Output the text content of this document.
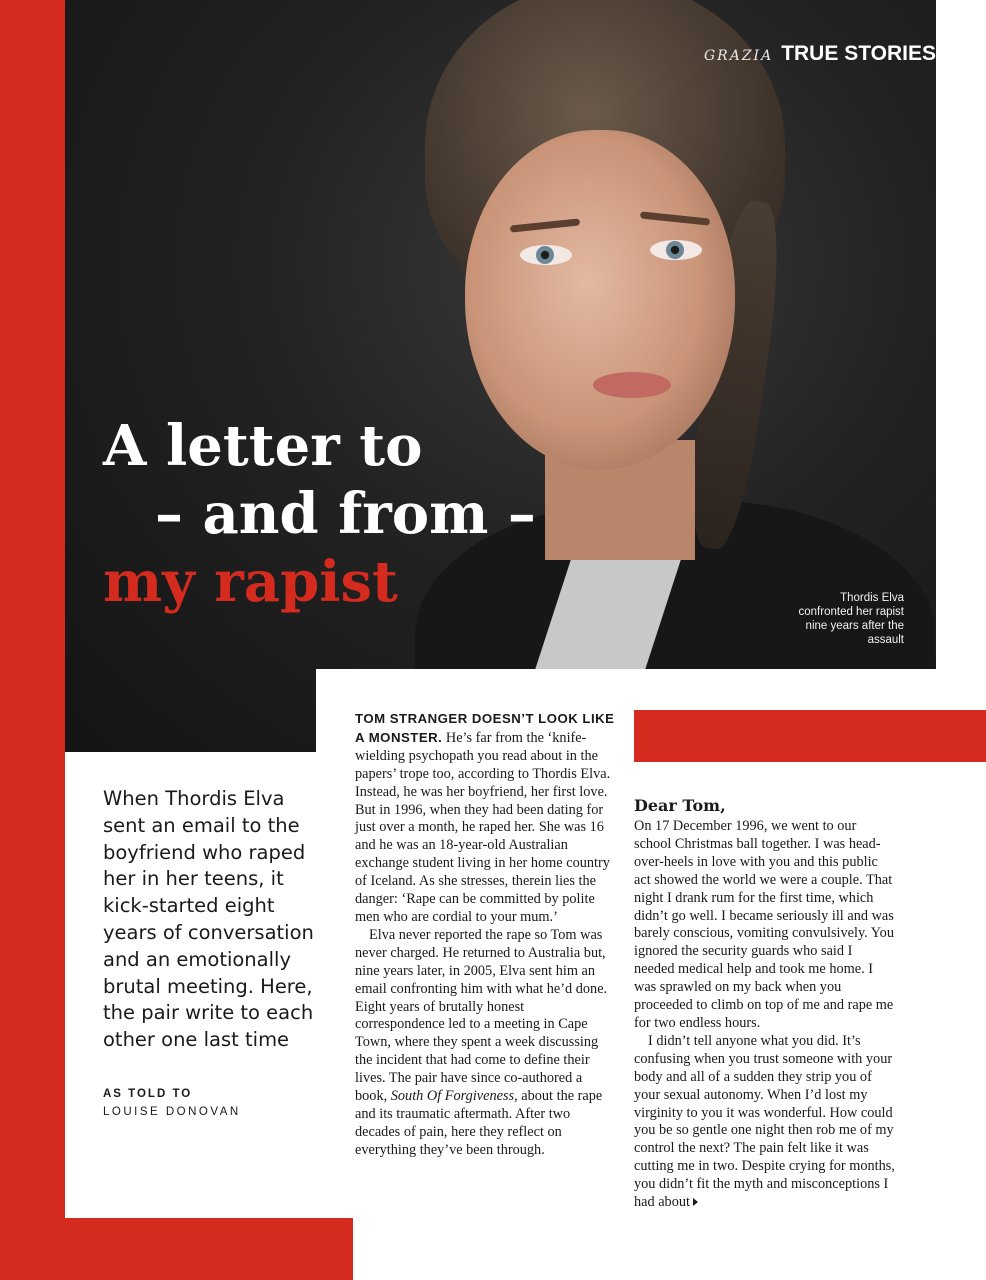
GRAZIA TRUE STORIES
A letter to
– and from –
my rapist	Thordis Elva confronted her rapist nine years after the assault
When Thordis Elva sent an email to the boyfriend who raped her in her teens, it kick-started eight years of conversation and an emotionally brutal meeting. Here, the pair write to each other one last time
AS TOLD TO
LOUISE DONOVAN

TOM STRANGER DOESN’T LOOK LIKE A MONSTER. He’s far from the ‘knife-wielding psychopath you read about in the papers’ trope too, according to Thordis Elva. Instead, he was her boyfriend, her first love. But in 1996, when they had been dating for just over a month, he raped her. She was 16 and he was an 18-year-old Australian exchange student living in her home country of Iceland. As she stresses, therein lies the danger: ‘Rape can be committed by polite men who are cordial to your mum.’

Elva never reported the rape so Tom was never charged. He returned to Australia but, nine years later, in 2005, Elva sent him an email confronting him with what he’d done. Eight years of brutally honest correspondence led to a meeting in Cape Town, where they spent a week discussing the incident that had come to define their lives. The pair have since co-authored a book, South Of Forgiveness, about the rape and its traumatic aftermath. After two decades of pain, here they reflect on everything they’ve been through.

Dear Tom,

On 17 December 1996, we went to our school Christmas ball together. I was head-over-heels in love with you and this public act showed the world we were a couple. That night I drank rum for the first time, which didn’t go well. I became seriously ill and was barely conscious, vomiting convulsively. You ignored the security guards who said I needed medical help and took me home. I was sprawled on my back when you proceeded to climb on top of me and rape me for two endless hours.

I didn’t tell anyone what you did. It’s confusing when you trust someone with your body and all of a sudden they strip you of your sexual autonomy. When I’d lost my virginity to you it was wonderful. How could you be so gentle one night then rob me of my control the next? The pain felt like it was cutting me in two. Despite crying for months, you didn’t fit the myth and misconceptions I had about
